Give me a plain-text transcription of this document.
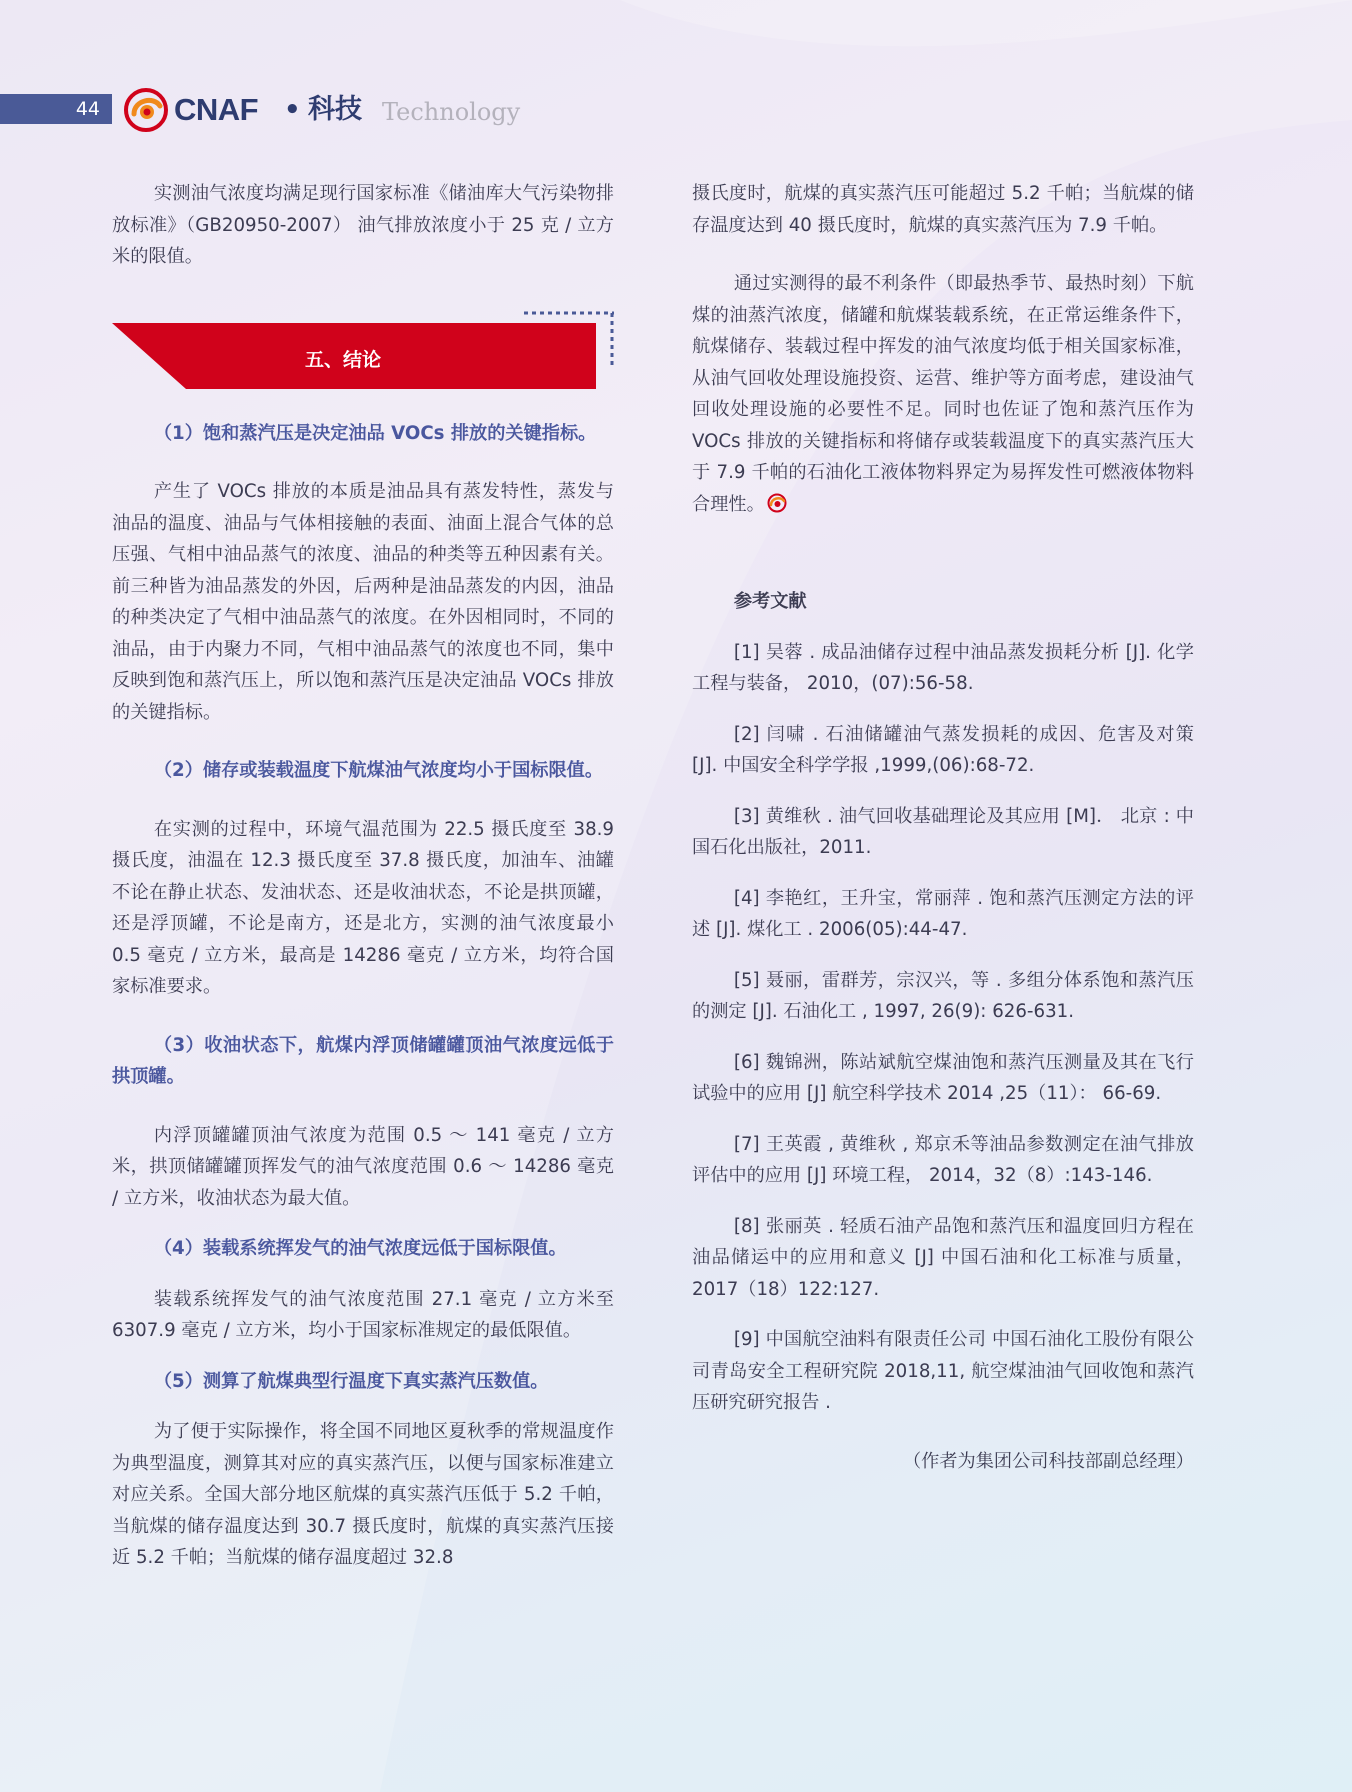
44 CNAF • 科技 Technology

实测油气浓度均满足现行国家标准《储油库大气污染物排放标准》（GB20950-2007） 油气排放浓度小于 25 克 / 立方米的限值。

五、结论

（1）饱和蒸汽压是决定油品 VOCs 排放的关键指标。

产生了 VOCs 排放的本质是油品具有蒸发特性，蒸发与油品的温度、油品与气体相接触的表面、油面上混合气体的总压强、气相中油品蒸气的浓度、油品的种类等五种因素有关。前三种皆为油品蒸发的外因，后两种是油品蒸发的内因，油品的种类决定了气相中油品蒸气的浓度。在外因相同时，不同的油品，由于内聚力不同，气相中油品蒸气的浓度也不同，集中反映到饱和蒸汽压上，所以饱和蒸汽压是决定油品 VOCs 排放的关键指标。

（2）储存或装载温度下航煤油气浓度均小于国标限值。

在实测的过程中，环境气温范围为 22.5 摄氏度至 38.9 摄氏度，油温在 12.3 摄氏度至 37.8 摄氏度，加油车、油罐不论在静止状态、发油状态、还是收油状态，不论是拱顶罐，还是浮顶罐，不论是南方，还是北方，实测的油气浓度最小 0.5 毫克 / 立方米，最高是 14286 毫克 / 立方米，均符合国家标准要求。

（3）收油状态下，航煤内浮顶储罐罐顶油气浓度远低于拱顶罐。

内浮顶罐罐顶油气浓度为范围 0.5 ～ 141 毫克 / 立方米，拱顶储罐罐顶挥发气的油气浓度范围 0.6 ～ 14286 毫克 / 立方米，收油状态为最大值。

（4）装载系统挥发气的油气浓度远低于国标限值。

装载系统挥发气的油气浓度范围 27.1 毫克 / 立方米至 6307.9 毫克 / 立方米，均小于国家标准规定的最低限值。

（5）测算了航煤典型行温度下真实蒸汽压数值。

为了便于实际操作，将全国不同地区夏秋季的常规温度作为典型温度，测算其对应的真实蒸汽压，以便与国家标准建立对应关系。全国大部分地区航煤的真实蒸汽压低于 5.2 千帕，当航煤的储存温度达到 30.7 摄氏度时，航煤的真实蒸汽压接近 5.2 千帕；当航煤的储存温度超过 32.8

摄氏度时，航煤的真实蒸汽压可能超过 5.2 千帕；当航煤的储存温度达到 40 摄氏度时，航煤的真实蒸汽压为 7.9 千帕。

通过实测得的最不利条件（即最热季节、最热时刻）下航煤的油蒸汽浓度，储罐和航煤装载系统，在正常运维条件下，航煤储存、装载过程中挥发的油气浓度均低于相关国家标准，从油气回收处理设施投资、运营、维护等方面考虑，建设油气回收处理设施的必要性不足。同时也佐证了饱和蒸汽压作为 VOCs 排放的关键指标和将储存或装载温度下的真实蒸汽压大于 7.9 千帕的石油化工液体物料界定为易挥发性可燃液体物料合理性。

参考文献

[1] 吴蓉 . 成品油储存过程中油品蒸发损耗分析 [J]. 化学工程与装备， 2010，(07):56-58.

[2] 闫啸 . 石油储罐油气蒸发损耗的成因、危害及对策 [J]. 中国安全科学学报 ,1999,(06):68-72.

[3] 黄维秋 . 油气回收基础理论及其应用 [M]． 北京 : 中国石化出版社，2011.

[4] 李艳红，王升宝，常丽萍 . 饱和蒸汽压测定方法的评述 [J]. 煤化工 . 2006(05):44-47.

[5] 聂丽，雷群芳，宗汉兴，等 . 多组分体系饱和蒸汽压的测定 [J]. 石油化工 , 1997, 26(9): 626-631.

[6] 魏锦洲，陈站斌航空煤油饱和蒸汽压测量及其在飞行试验中的应用 [J] 航空科学技术 2014 ,25（11）： 66-69.

[7] 王英霞 , 黄维秋 , 郑京禾等油品参数测定在油气排放评估中的应用 [J] 环境工程， 2014，32（8）:143-146.

[8] 张丽英 . 轻质石油产品饱和蒸汽压和温度回归方程在油品储运中的应用和意义 [J] 中国石油和化工标准与质量，2017（18）122:127.

[9] 中国航空油料有限责任公司 中国石油化工股份有限公司青岛安全工程研究院 2018,11, 航空煤油油气回收饱和蒸汽压研究研究报告 .

（作者为集团公司科技部副总经理）
